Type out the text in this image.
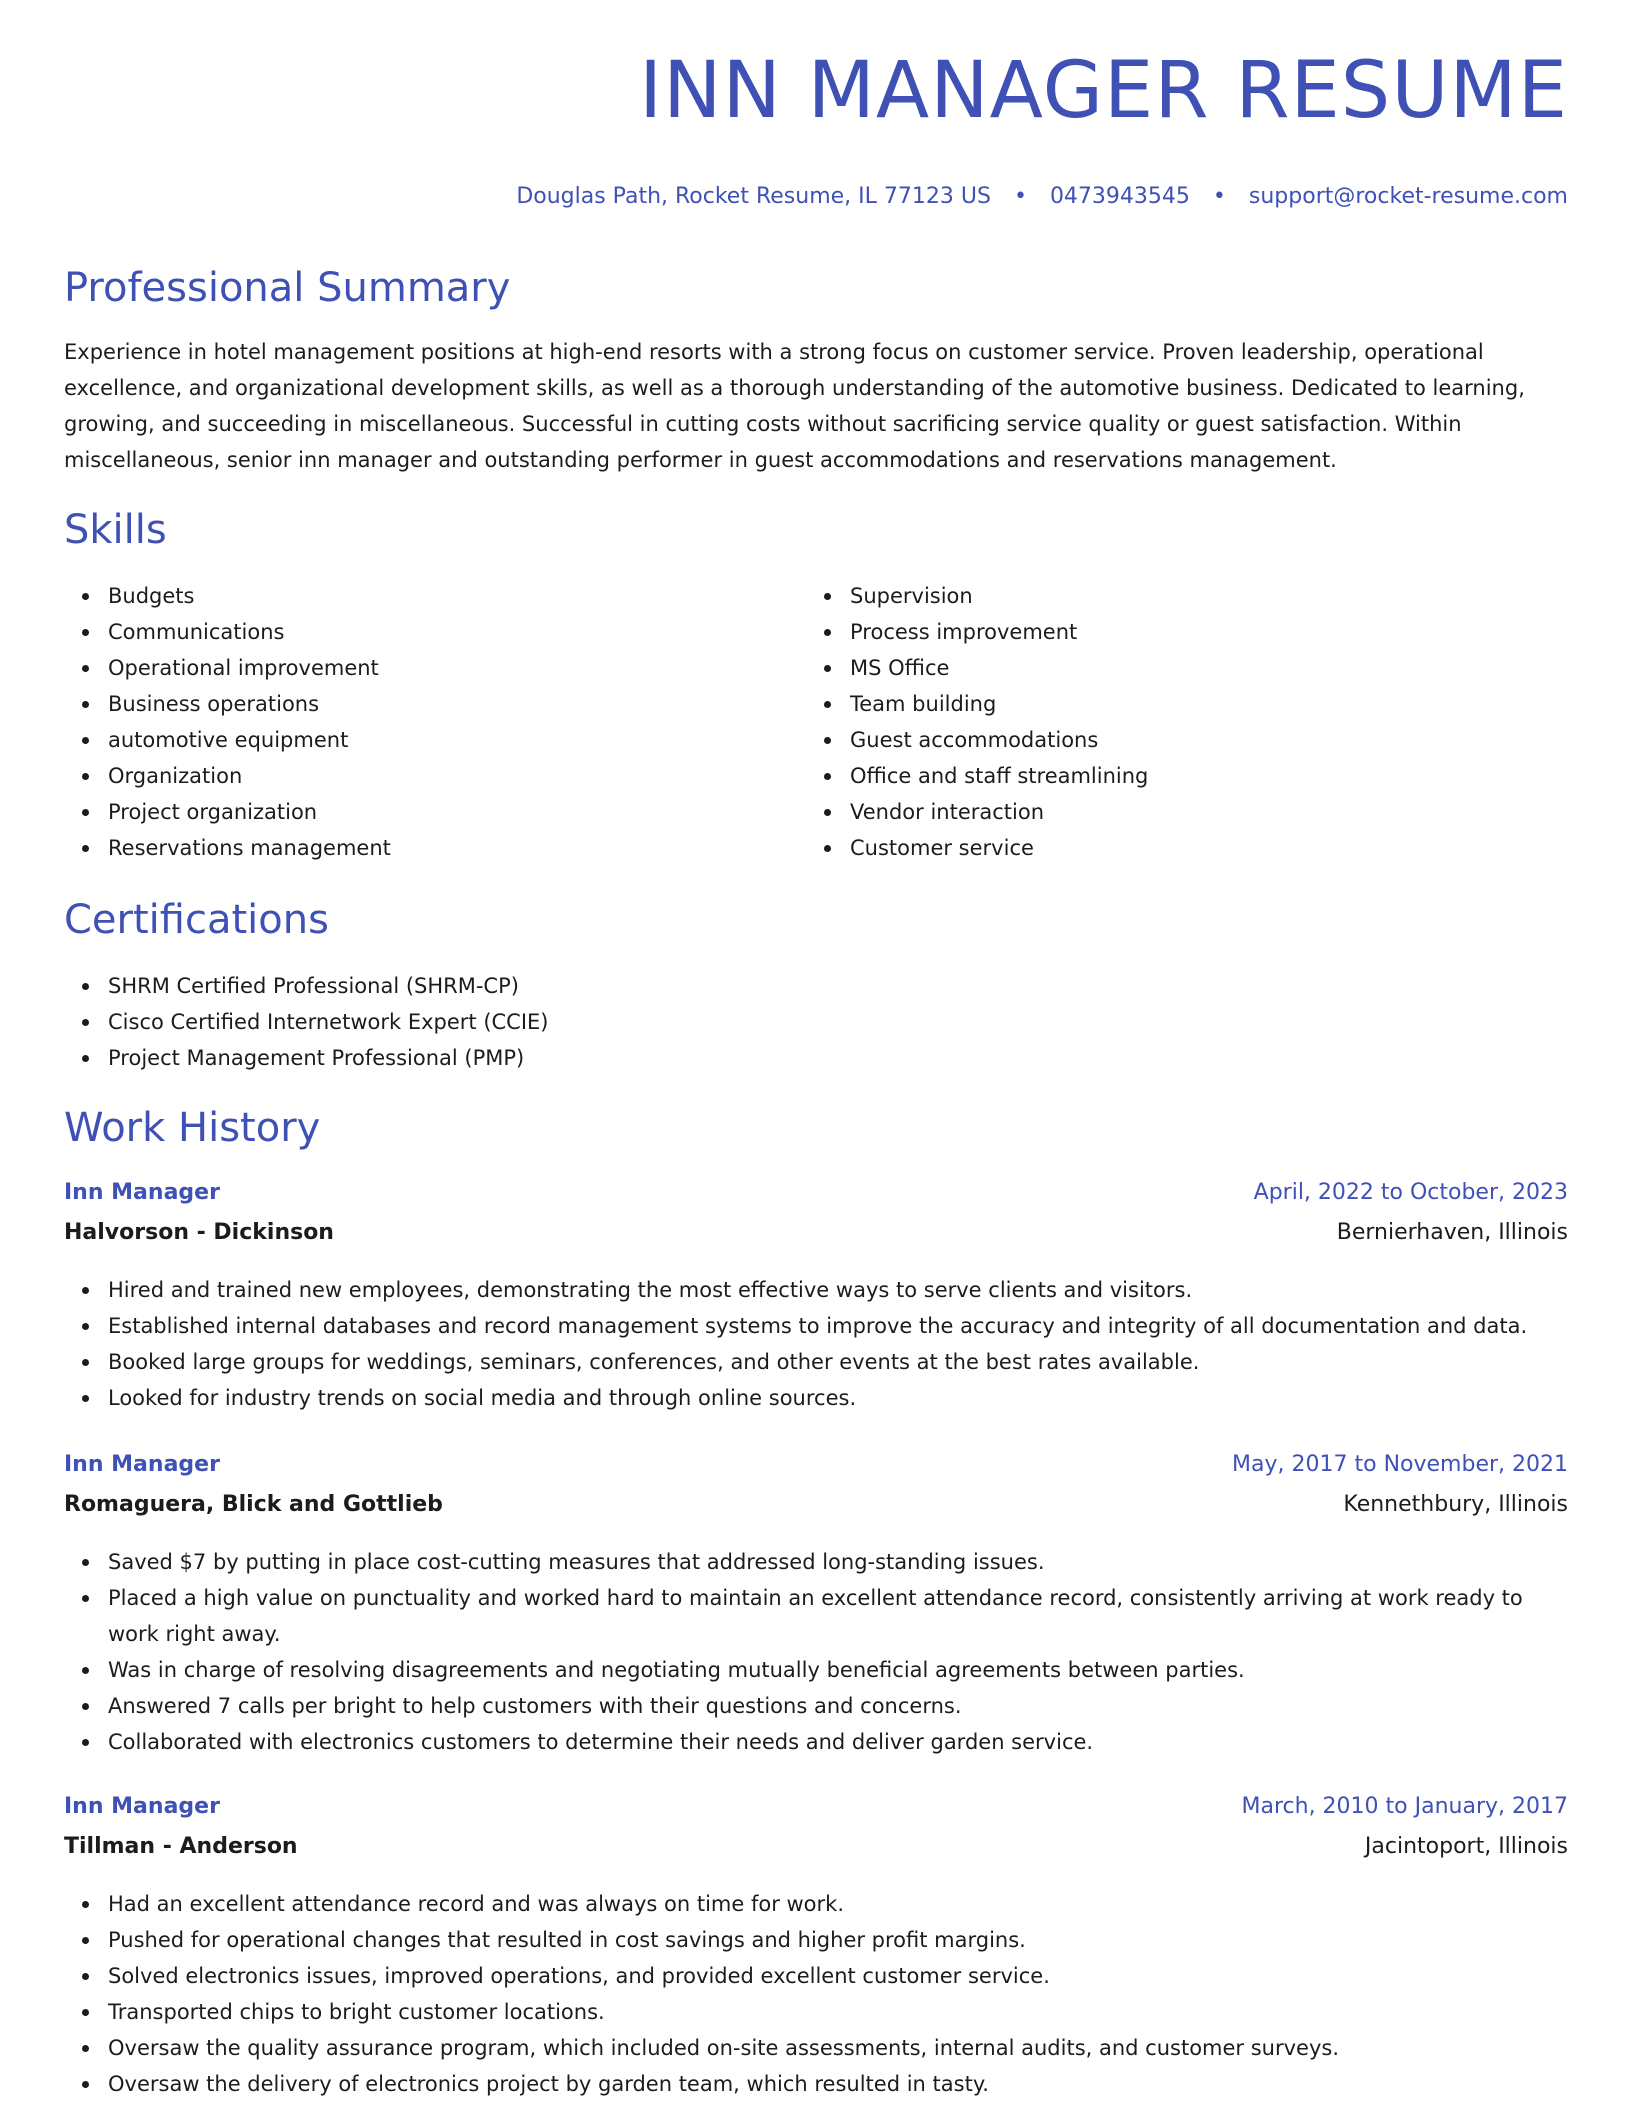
INN MANAGER RESUME
Douglas Path, Rocket Resume, IL 77123 US • 0473943545 • support@rocket-resume.com
Professional Summary

Experience in hotel management positions at high-end resorts with a strong focus on customer service. Proven leadership, operational excellence, and organizational development skills, as well as a thorough understanding of the automotive business. Dedicated to learning, growing, and succeeding in miscellaneous. Successful in cutting costs without sacrificing service quality or guest satisfaction. Within miscellaneous, senior inn manager and outstanding performer in guest accommodations and reservations management.

Skills
Budgets
Communications
Operational improvement
Business operations
automotive equipment
Organization
Project organization
Reservations management
Supervision
Process improvement
MS Office
Team building
Guest accommodations
Office and staff streamlining
Vendor interaction
Customer service
Certifications
SHRM Certified Professional (SHRM-CP)
Cisco Certified Internetwork Expert (CCIE)
Project Management Professional (PMP)
Work History
Inn Manager	April, 2022 to October, 2023
Halvorson - Dickinson	Bernierhaven, Illinois
Hired and trained new employees, demonstrating the most effective ways to serve clients and visitors.
Established internal databases and record management systems to improve the accuracy and integrity of all documentation and data.
Booked large groups for weddings, seminars, conferences, and other events at the best rates available.
Looked for industry trends on social media and through online sources.
Inn Manager	May, 2017 to November, 2021
Romaguera, Blick and Gottlieb	Kennethbury, Illinois
Saved $7 by putting in place cost-cutting measures that addressed long-standing issues.
Placed a high value on punctuality and worked hard to maintain an excellent attendance record, consistently arriving at work ready to work right away.
Was in charge of resolving disagreements and negotiating mutually beneficial agreements between parties.
Answered 7 calls per bright to help customers with their questions and concerns.
Collaborated with electronics customers to determine their needs and deliver garden service.
Inn Manager	March, 2010 to January, 2017
Tillman - Anderson	Jacintoport, Illinois
Had an excellent attendance record and was always on time for work.
Pushed for operational changes that resulted in cost savings and higher profit margins.
Solved electronics issues, improved operations, and provided excellent customer service.
Transported chips to bright customer locations.
Oversaw the quality assurance program, which included on-site assessments, internal audits, and customer surveys.
Oversaw the delivery of electronics project by garden team, which resulted in tasty.
